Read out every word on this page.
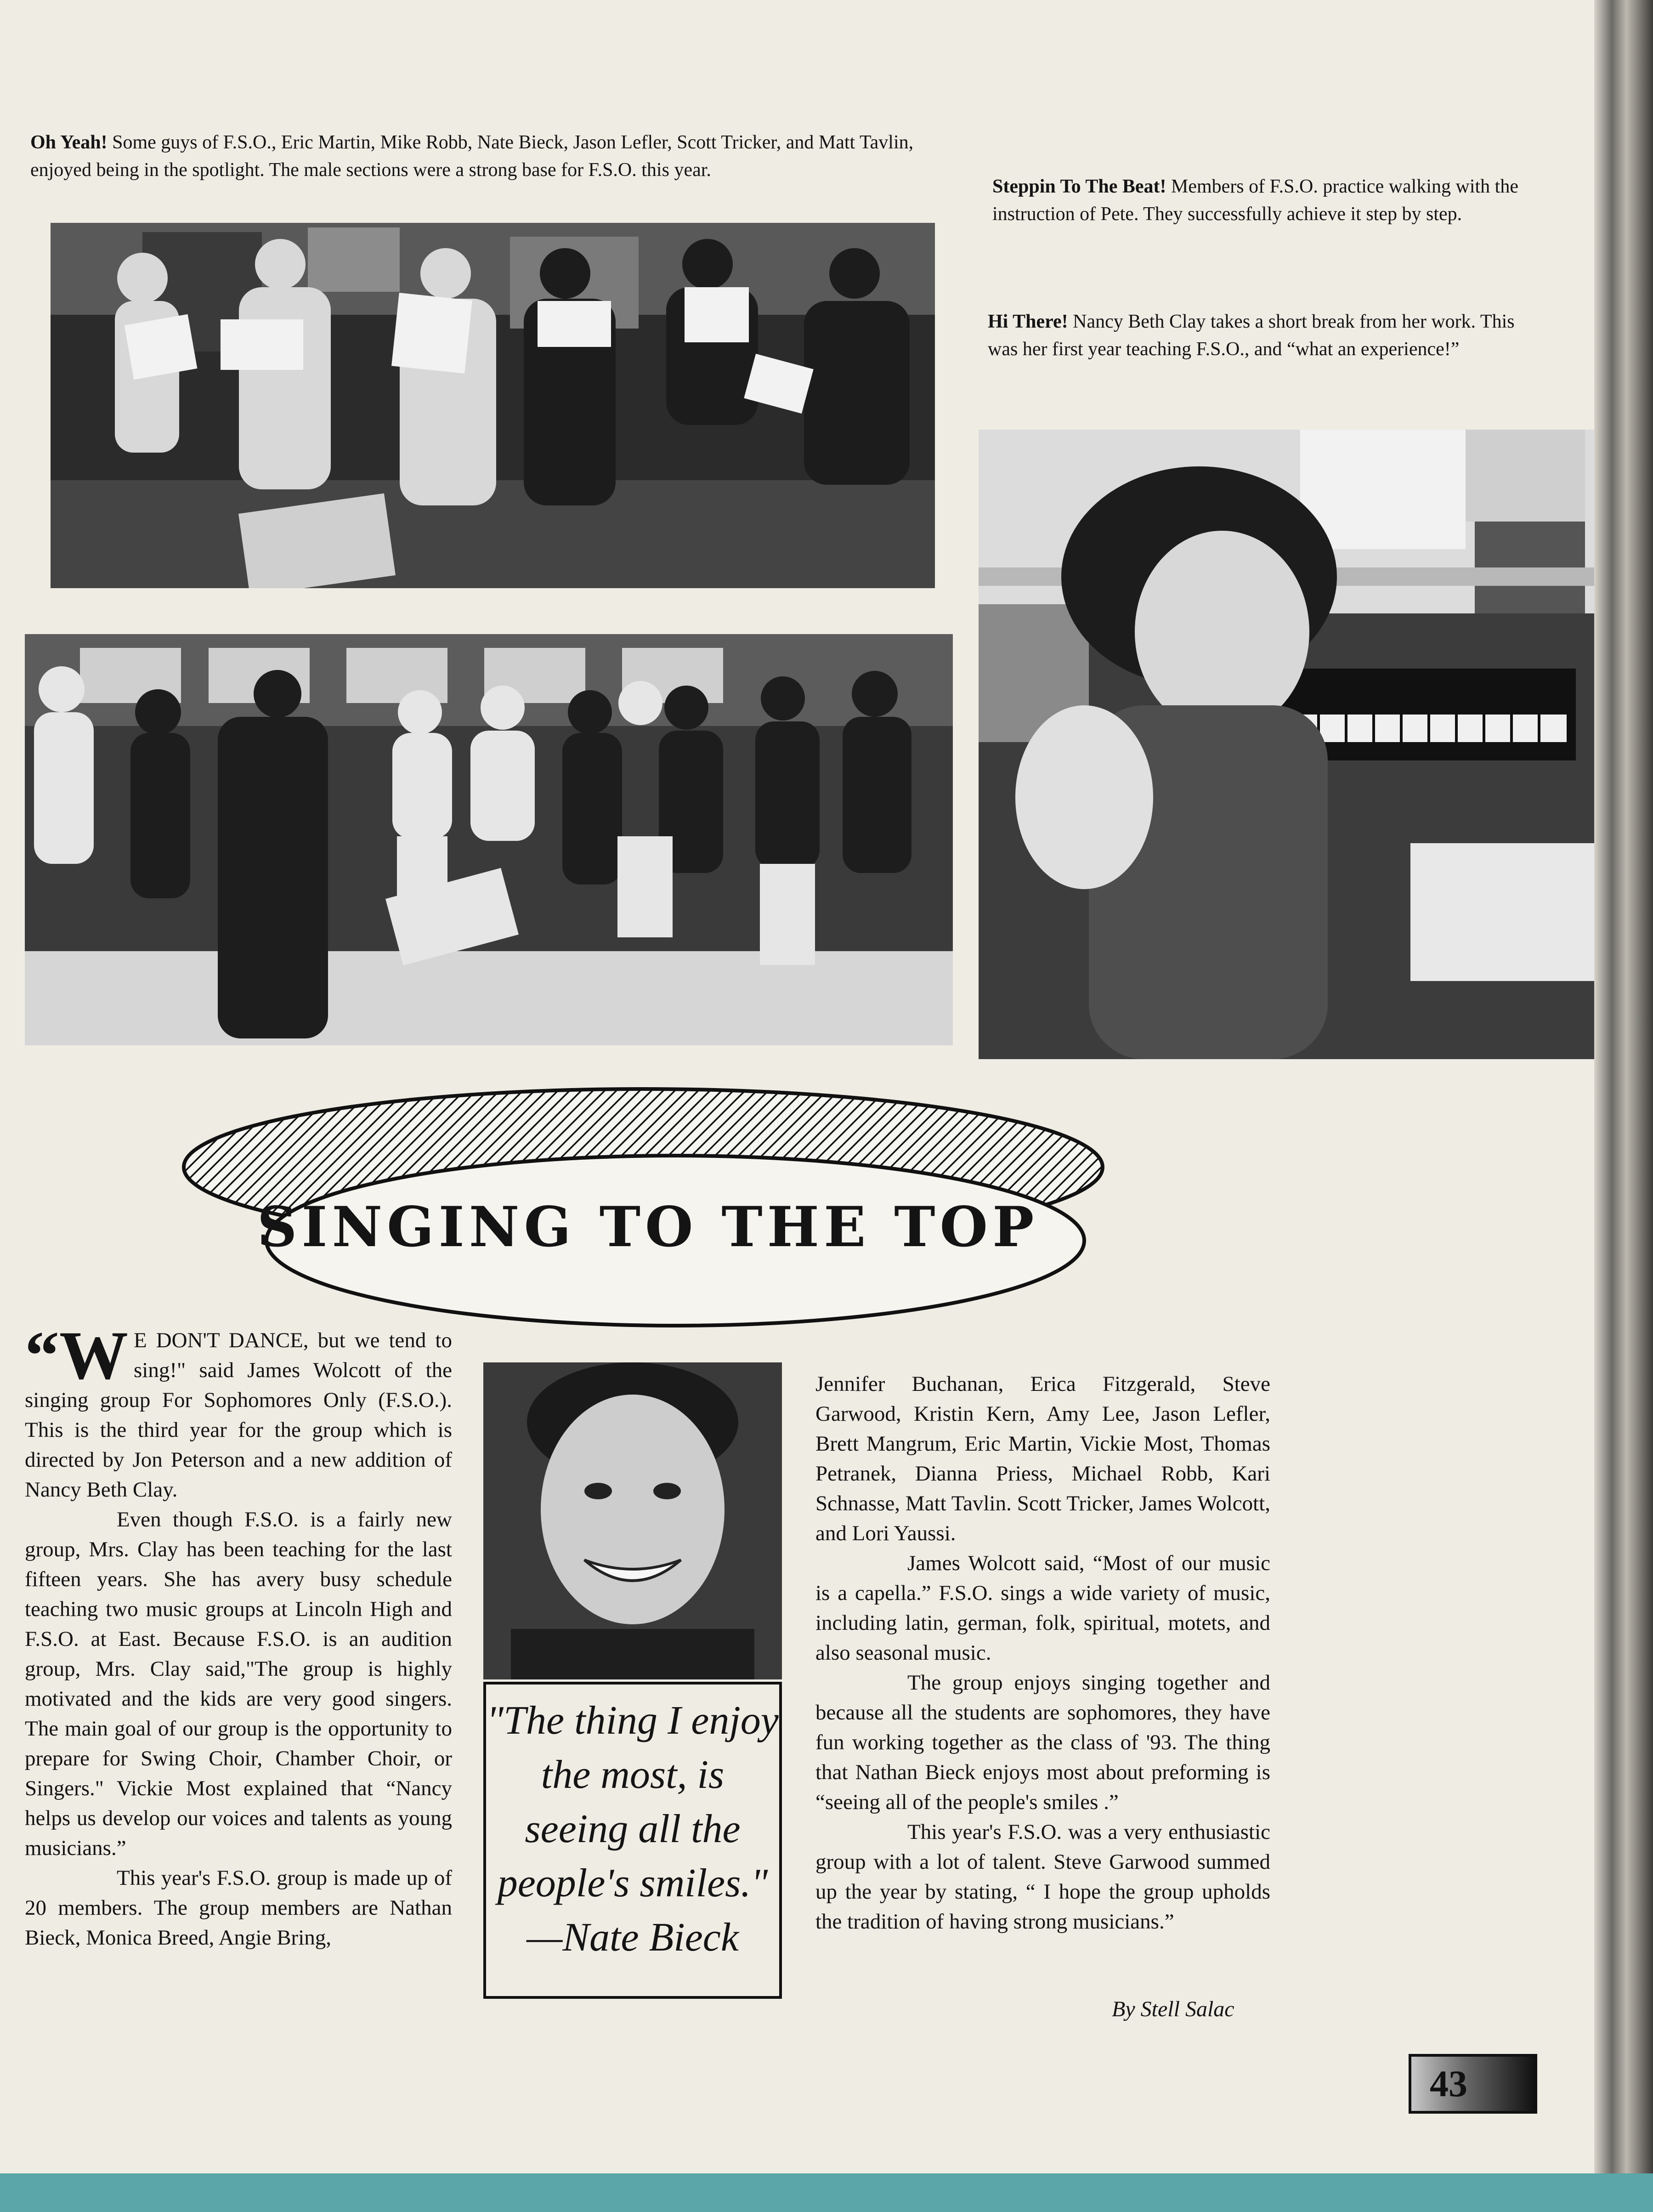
Oh Yeah! Some guys of F.S.O., Eric Martin, Mike Robb, Nate Bieck, Jason Lefler, Scott Tricker, and Matt Tavlin, enjoyed being in the spotlight. The male sections were a strong base for F.S.O. this year.
Steppin To The Beat! Members of F.S.O. practice walking with the instruction of Pete. They successfully achieve it step by step.
Hi There! Nancy Beth Clay takes a short break from her work. This was her first year teaching F.S.O., and “what an experience!”
SINGING TO THE TOP
“W E DON'T DANCE, but we tend to sing!" said James Wolcott of the singing group For Sophomores Only (F.S.O.). This is the third year for the group which is directed by Jon Peterson and a new addition of Nancy Beth Clay.

Even though F.S.O. is a fairly new group, Mrs. Clay has been teaching for the last fifteen years. She has avery busy schedule teaching two music groups at Lincoln High and F.S.O. at East. Because F.S.O. is an audition group, Mrs. Clay said,"The group is highly motivated and the kids are very good singers. The main goal of our group is the opportunity to prepare for Swing Choir, Chamber Choir, or Singers." Vickie Most explained that “Nancy helps us develop our voices and talents as young musicians.”

This year's F.S.O. group is made up of 20 members. The group members are Nathan Bieck, Monica Breed, Angie Bring,

"The thing I enjoy the most, is seeing all the people's smiles."
—Nate Bieck

Jennifer Buchanan, Erica Fitzgerald, Steve Garwood, Kristin Kern, Amy Lee, Jason Lefler, Brett Mangrum, Eric Martin, Vickie Most, Thomas Petranek, Dianna Priess, Michael Robb, Kari Schnasse, Matt Tavlin. Scott Tricker, James Wolcott, and Lori Yaussi.

James Wolcott said, “Most of our music is a capella.” F.S.O. sings a wide variety of music, including latin, german, folk, spiritual, motets, and also seasonal music.

The group enjoys singing together and because all the students are sophomores, they have fun working together as the class of '93. The thing that Nathan Bieck enjoys most about preforming is “seeing all of the people's smiles .”

This year's F.S.O. was a very enthusiastic group with a lot of talent. Steve Garwood summed up the year by stating, “ I hope the group upholds the tradition of having strong musicians.”

By Stell Salac
43
